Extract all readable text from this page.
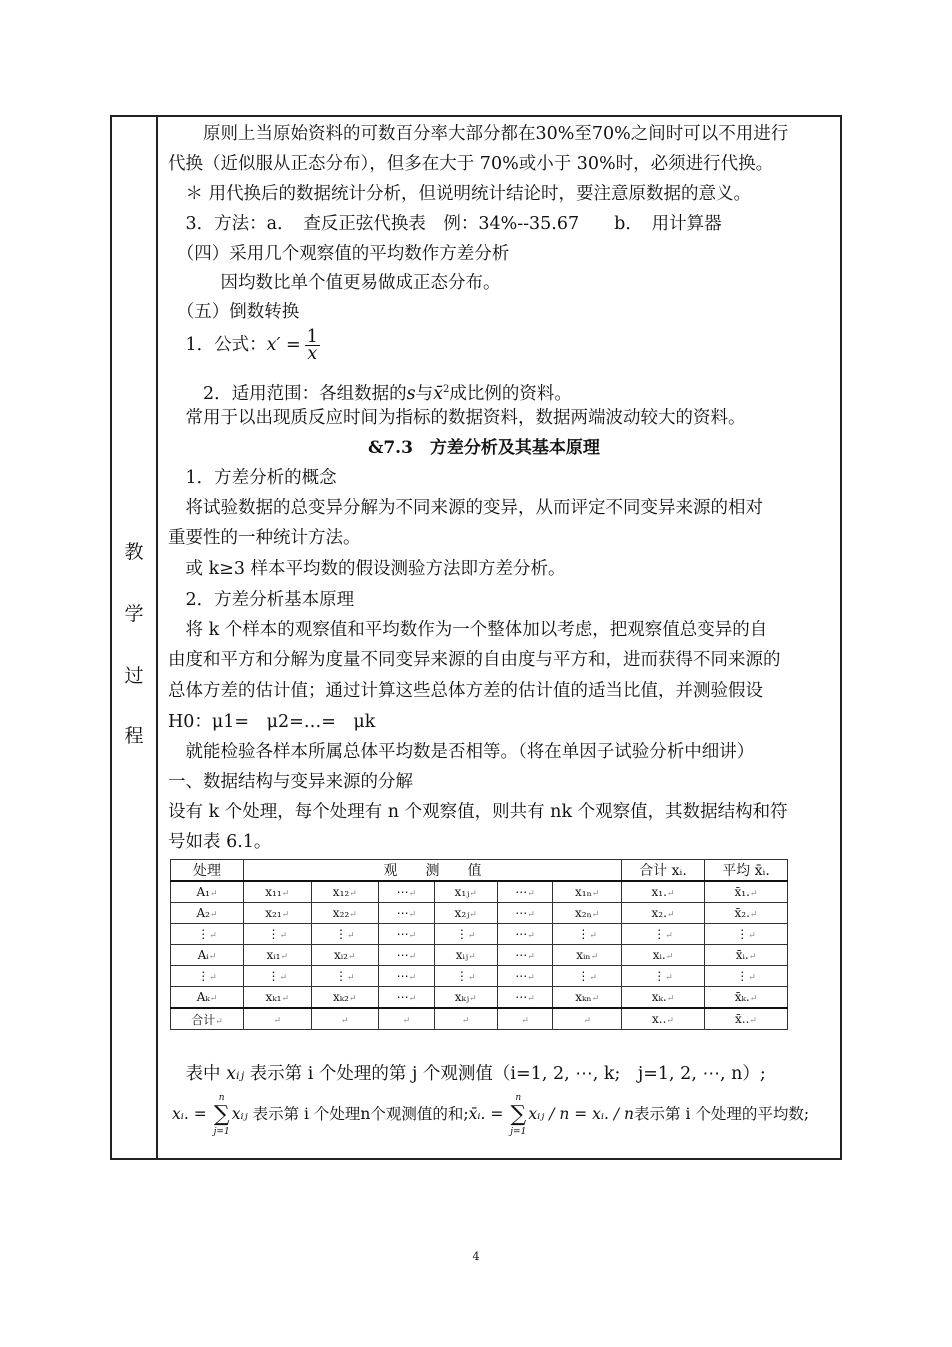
教
学
过
程
　　原则上当原始资料的可数百分率大部分都在30%至70%之间时可以不用进行
代换（近似服从正态分布），但多在大于 70%或小于 30%时，必须进行代换。
　＊ 用代换后的数据统计分析，但说明统计结论时，要注意原数据的意义。
　3．方法：a．　查反正弦代换表　例：34%--35.67　　b．　用计算器
　（四）采用几个观察值的平均数作方差分析
　　　因均数比单个值更易做成正态分布。
　（五）倒数转换
　1．公式：$x' = \frac{1}{x}$
　　2．适用范围：各组数据的s与x̄$^2$成比例的资料。
　常用于以出现质反应时间为指标的数据资料，数据两端波动较大的资料。
&7.3　方差分析及其基本原理
　1．方差分析的概念
　将试验数据的总变异分解为不同来源的变异，从而评定不同变异来源的相对
重要性的一种统计方法。
　或 k≥3 样本平均数的假设测验方法即方差分析。
　2．方差分析基本原理
　将 k 个样本的观察值和平均数作为一个整体加以考虑，把观察值总变异的自
由度和平方和分解为度量不同变异来源的自由度与平方和，进而获得不同来源的
总体方差的估计值；通过计算这些总体方差的估计值的适当比值，并测验假设
H0：μ1=　μ2=…=　μk
　就能检验各样本所属总体平均数是否相等。（将在单因子试验分析中细讲）
一、数据结构与变异来源的分解
设有 k 个处理，每个处理有 n 个观察值，则共有 nk 个观察值，其数据结构和符
号如表 6.1。
处理	观　　测　　值						合计 xᵢ.	平均 x̄ᵢ.
A₁↵	x₁₁↵	x₁₂↵	⋯↵	x₁ⱼ↵	⋯↵	x₁ₙ↵	x₁.↵	x̄₁.↵
A₂↵	x₂₁↵	x₂₂↵	⋯↵	x₂ⱼ↵	⋯↵	x₂ₙ↵	x₂.↵	x̄₂.↵
⋮↵	⋮↵	⋮↵	⋯↵	⋮↵	⋯↵	⋮↵	⋮↵	⋮↵
Aᵢ↵	xᵢ₁↵	xᵢ₂↵	⋯↵	xᵢⱼ↵	⋯↵	xᵢₙ↵	xᵢ.↵	x̄ᵢ.↵
⋮↵	⋮↵	⋮↵	⋯↵	⋮↵	⋯↵	⋮↵	⋮↵	⋮↵
Aₖ↵	xₖ₁↵	xₖ₂↵	⋯↵	xₖⱼ↵	⋯↵	xₖₙ↵	xₖ.↵	x̄ₖ.↵
合计↵	↵	↵	↵	↵	↵	↵	x..↵	x̄..↵
　表中 xᵢⱼ 表示第 i 个处理的第 j 个观测值（i=1, 2, ⋯, k;　j=1, 2, ⋯, n）;
xᵢ. =
n
∑
j=1
xᵢⱼ 表示第 i 个处理n个观测值的和;x̄ᵢ. =
n
∑
j=1
xᵢⱼ / n = xᵢ. / n表示第 i 个处理的平均数;
4
